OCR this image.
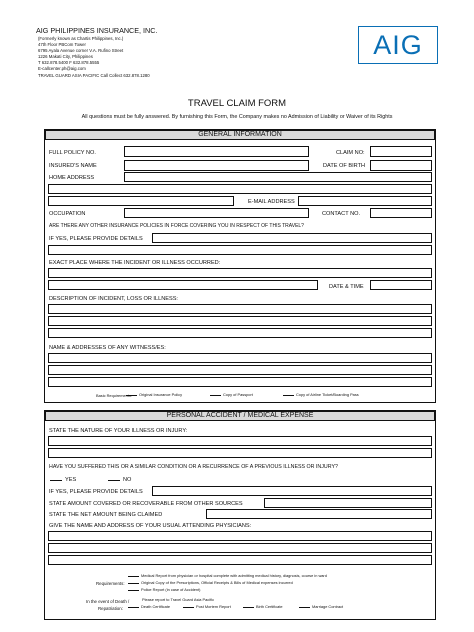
AIG PHILIPPINES INSURANCE, INC.
(Formerly known as Chartis Philippines, Inc.)
47th Floor PBCom Tower
6795 Ayala Avenue corner V.A. Rufino Street
1226 Makati City, Philippines
T 632.878.5400 F 632.878.5555
E-callcenter.ph@aig.com
TRAVEL GUARD ASIA PACIFIC Call Collect 632.878.1280
AIG
TRAVEL CLAIM FORM
All questions must be fully answered. By furnishing this Form, the Company makes no Admission of Liability or Waiver of its Rights
GENERAL INFORMATION
FULL POLICY NO.	CLAIM NO:
INSURED'S NAME	DATE OF BIRTH
HOME ADDRESS
E-MAIL ADDRESS
OCCUPATION	CONTACT NO.
ARE THERE ANY OTHER INSURANCE POLICIES IN FORCE COVERING YOU IN RESPECT OF THIS TRAVEL?
IF YES, PLEASE PROVIDE DETAILS
EXACT PLACE WHERE THE INCIDENT OR ILLNESS OCCURRED:
DATE & TIME
DESCRIPTION OF INCIDENT, LOSS OR ILLNESS:
NAME & ADDRESSES OF ANY WITNESS/ES:
Basic Requirements:	Original Insurance Policy	Copy of Passport	Copy of Airline Ticket/Boarding Pass
PERSONAL ACCIDENT / MEDICAL EXPENSE
STATE THE NATURE OF YOUR ILLNESS OR INJURY:
HAVE YOU SUFFERED THIS OR A SIMILAR CONDITION OR A RECURRENCE OF A PREVIOUS ILLNESS OR INJURY?
YES	NO
IF YES, PLEASE PROVIDE DETAILS
STATE AMOUNT COVERED OR RECOVERABLE FROM OTHER SOURCES
STATE THE NET AMOUNT BEING CLAIMED
GIVE THE NAME AND ADDRESS OF YOUR USUAL ATTENDING PHYSICIANS:
Requirements:
Medical Report from physician or hospital complete with admitting medical history, diagnosis, course in ward
Original Copy of the Prescriptions, Official Receipts & Bills of Medical expenses incurred
Police Report (in case of Accident)
In the event of Death /
Repatriation:
Please report to Travel Guard Asia Pacific
Death Certificate	Post Mortem Report	Birth Certificate	Marriage Contract
